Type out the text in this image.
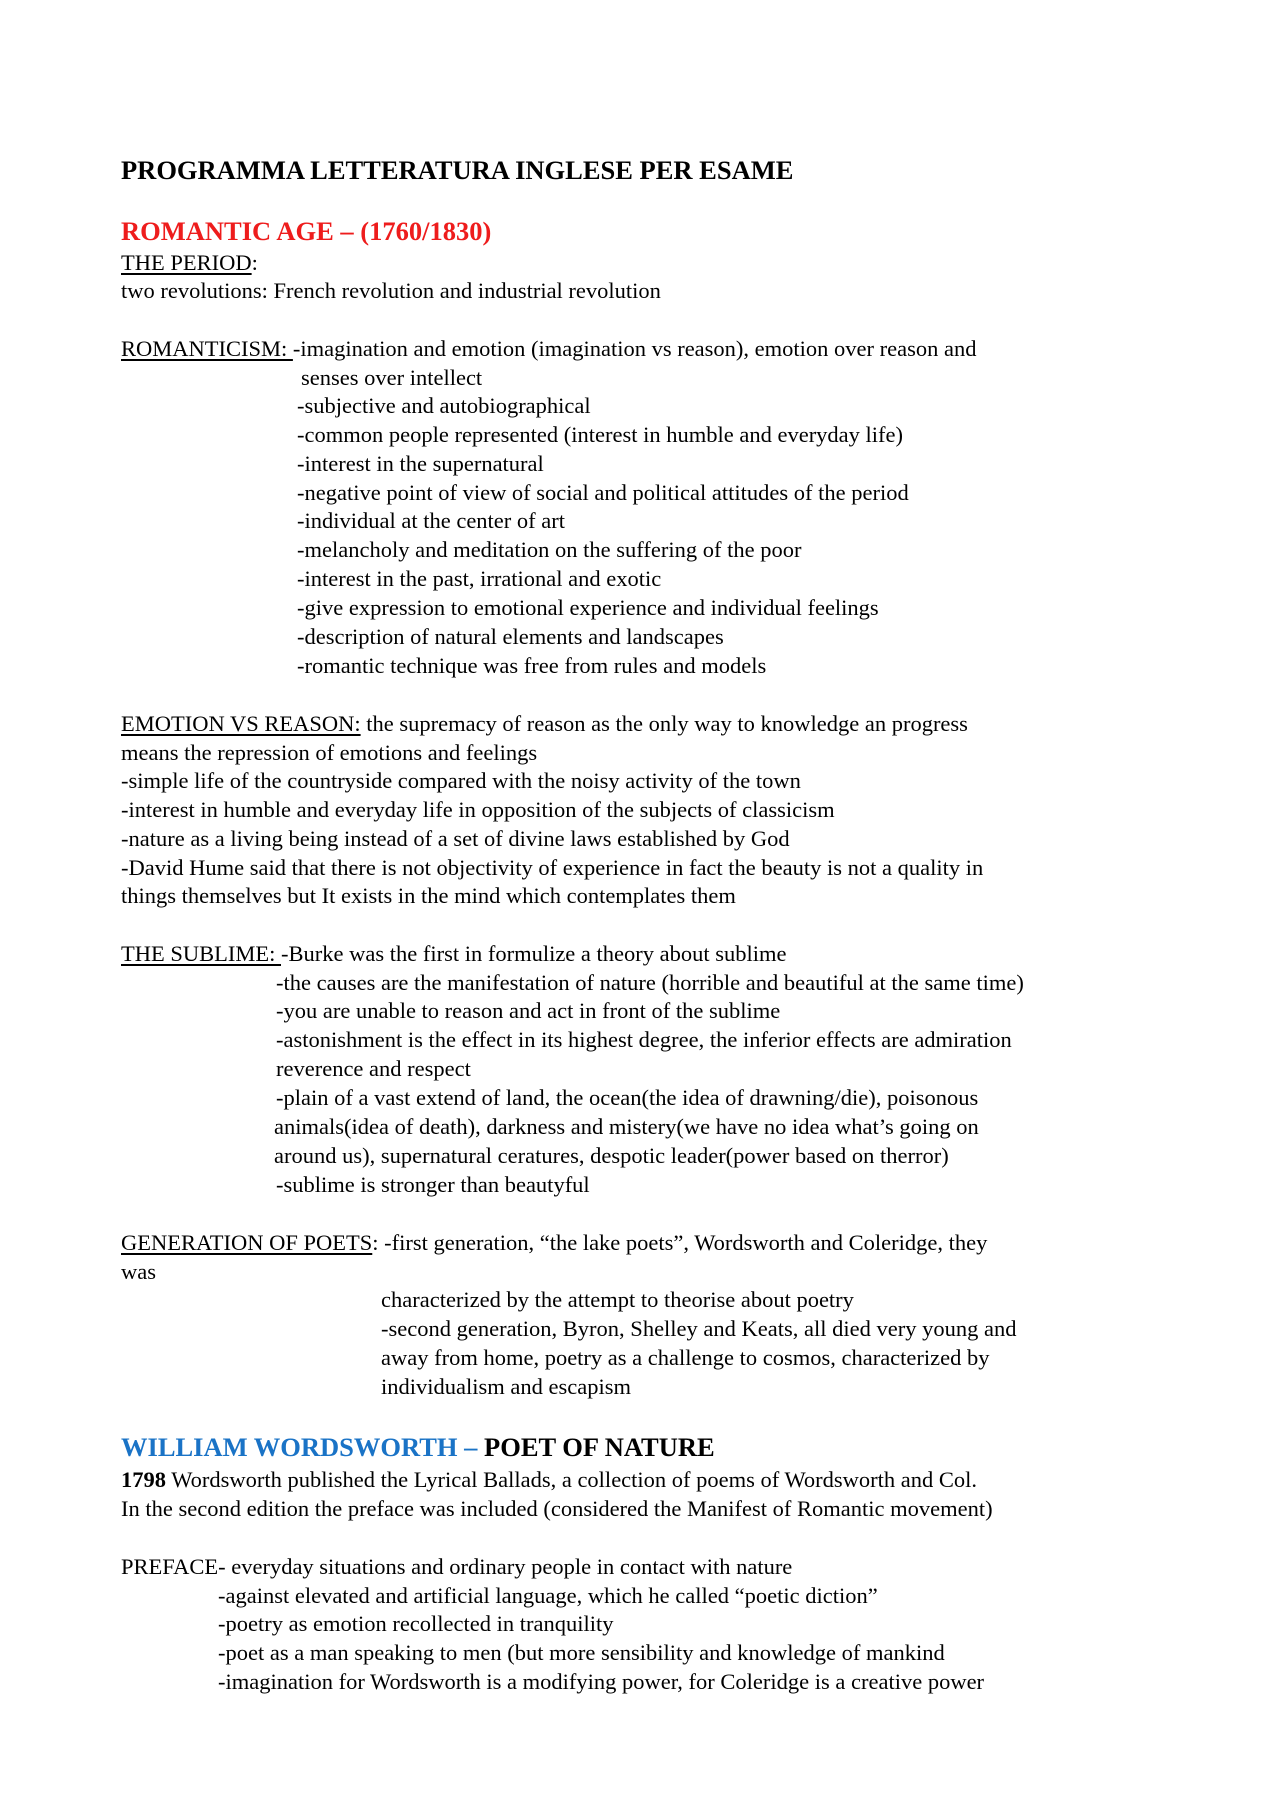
PROGRAMMA LETTERATURA INGLESE PER ESAME
ROMANTIC AGE – (1760/1830)
THE PERIOD:
two revolutions: French revolution and industrial revolution
ROMANTICISM: -imagination and emotion (imagination vs reason), emotion over reason and
senses over intellect
-subjective and autobiographical
-common people represented (interest in humble and everyday life)
-interest in the supernatural
-negative point of view of social and political attitudes of the period
-individual at the center of art
-melancholy and meditation on the suffering of the poor
-interest in the past, irrational and exotic
-give expression to emotional experience and individual feelings
-description of natural elements and landscapes
-romantic technique was free from rules and models
EMOTION VS REASON: the supremacy of reason as the only way to knowledge an progress
means the repression of emotions and feelings
-simple life of the countryside compared with the noisy activity of the town
-interest in humble and everyday life in opposition of the subjects of classicism
-nature as a living being instead of a set of divine laws established by God
-David Hume said that there is not objectivity of experience in fact the beauty is not a quality in
things themselves but It exists in the mind which contemplates them
THE SUBLIME: -Burke was the first in formulize a theory about sublime
-the causes are the manifestation of nature (horrible and beautiful at the same time)
-you are unable to reason and act in front of the sublime
-astonishment is the effect in its highest degree, the inferior effects are admiration
reverence and respect
-plain of a vast extend of land, the ocean(the idea of drawning/die), poisonous
animals(idea of death), darkness and mistery(we have no idea what’s going on
around us), supernatural ceratures, despotic leader(power based on therror)
-sublime is stronger than beautyful
GENERATION OF POETS: -first generation, “the lake poets”, Wordsworth and Coleridge, they
was
characterized by the attempt to theorise about poetry
-second generation, Byron, Shelley and Keats, all died very young and
away from home, poetry as a challenge to cosmos, characterized by
individualism and escapism
WILLIAM WORDSWORTH – POET OF NATURE
1798 Wordsworth published the Lyrical Ballads, a collection of poems of Wordsworth and Col.
In the second edition the preface was included (considered the Manifest of Romantic movement)
PREFACE- everyday situations and ordinary people in contact with nature
-against elevated and artificial language, which he called “poetic diction”
-poetry as emotion recollected in tranquility
-poet as a man speaking to men (but more sensibility and knowledge of mankind
-imagination for Wordsworth is a modifying power, for Coleridge is a creative power
